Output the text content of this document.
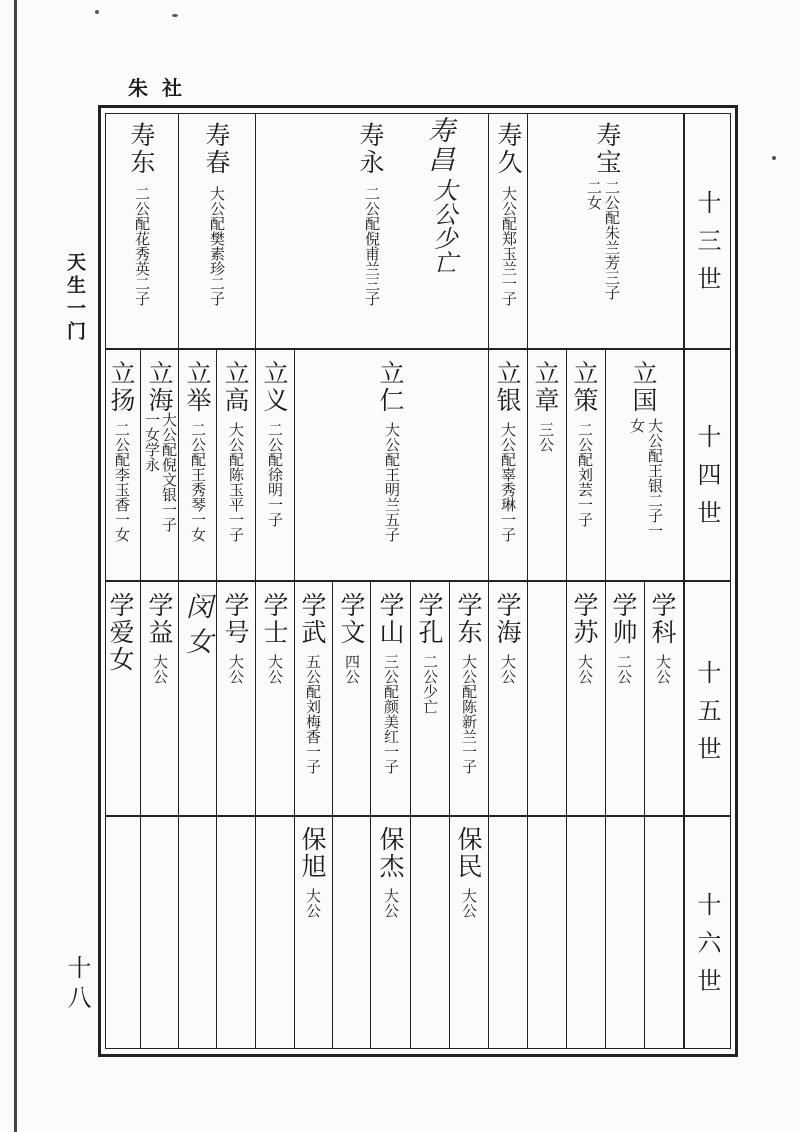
朱社
天生一门
十八
十三世
十四世
十五世
十六世
寿宝
二公配朱兰芳三子
二女
寿久
大公配郑玉兰一子
寿昌
大公少亡
寿永
二公配倪甫兰三子
寿春
大公配樊素珍二子
寿东
二公配花秀英二子
立国
大公配王银二子一
女
立策
二公配刘芸一子
立章
三公
立银
大公配辜秀琳一子
立仁
大公配王明兰五子
立义
二公配徐明一子
立高
大公配陈玉平一子
立举
二公配王秀琴一女
立海
大公配倪文银一子
一女学永
立扬
二公配李玉香一女
学科
大公
学帅
二公
学苏
大公
学海
大公
学东
大公配陈新兰一子
学孔
二公少亡
学山
三公配颜美红一子
学文
四公
学武
五公配刘梅香一子
学士
大公
学号
大公
闵女
学益
大公
学爱女
保民
大公
保杰
大公
保旭
大公
